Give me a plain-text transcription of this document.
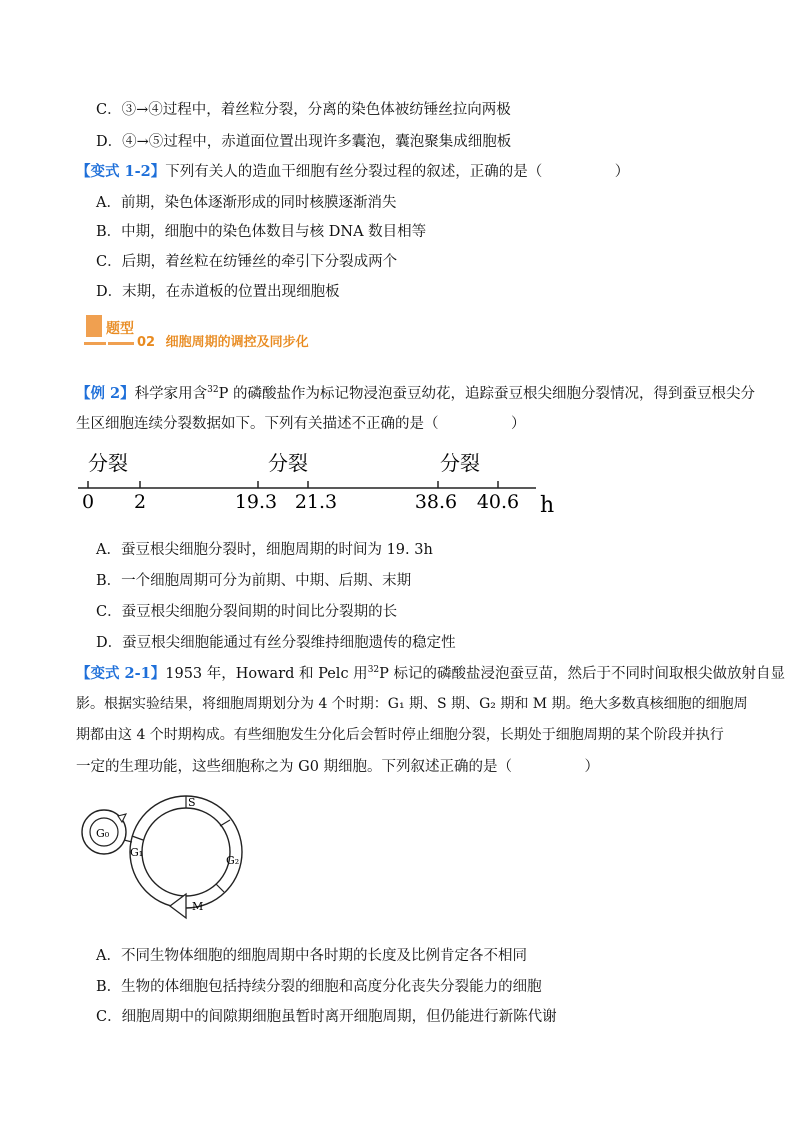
C．③→④过程中，着丝粒分裂，分离的染色体被纺锤丝拉向两极
D．④→⑤过程中，赤道面位置出现许多囊泡，囊泡聚集成细胞板
【变式 1-2】下列有关人的造血干细胞有丝分裂过程的叙述，正确的是（　　　　　）
A．前期，染色体逐渐形成的同时核膜逐渐消失
B．中期，细胞中的染色体数目与核 DNA 数目相等
C．后期，着丝粒在纺锤丝的牵引下分裂成两个
D．末期，在赤道板的位置出现细胞板
题型
02 细胞周期的调控及同步化
【例 2】科学家用含$^{32}$P 的磷酸盐作为标记物浸泡蚕豆幼花，追踪蚕豆根尖细胞分裂情况，得到蚕豆根尖分
生区细胞连续分裂数据如下。下列有关描述不正确的是（　　　　　）
分裂	分裂	分裂
0 2	19.3 21.3	38.6 40.6 h
A．蚕豆根尖细胞分裂时，细胞周期的时间为 19. 3h
B．一个细胞周期可分为前期、中期、后期、末期
C．蚕豆根尖细胞分裂间期的时间比分裂期的长
D．蚕豆根尖细胞能通过有丝分裂维持细胞遗传的稳定性
【变式 2-1】1953 年，Howard 和 Pelc 用$^{32}$P 标记的磷酸盐浸泡蚕豆苗，然后于不同时间取根尖做放射自显
影。根据实验结果，将细胞周期划分为 4 个时期：G₁ 期、S 期、G₂ 期和 M 期。绝大多数真核细胞的细胞周
期都由这 4 个时期构成。有些细胞发生分化后会暂时停止细胞分裂，长期处于细胞周期的某个阶段并执行
一定的生理功能，这些细胞称之为 G0 期细胞。下列叙述正确的是（　　　　　）
S
G₂
M
G₁
G₀
A．不同生物体细胞的细胞周期中各时期的长度及比例肯定各不相同
B．生物的体细胞包括持续分裂的细胞和高度分化丧失分裂能力的细胞
C．细胞周期中的间隙期细胞虽暂时离开细胞周期，但仍能进行新陈代谢
